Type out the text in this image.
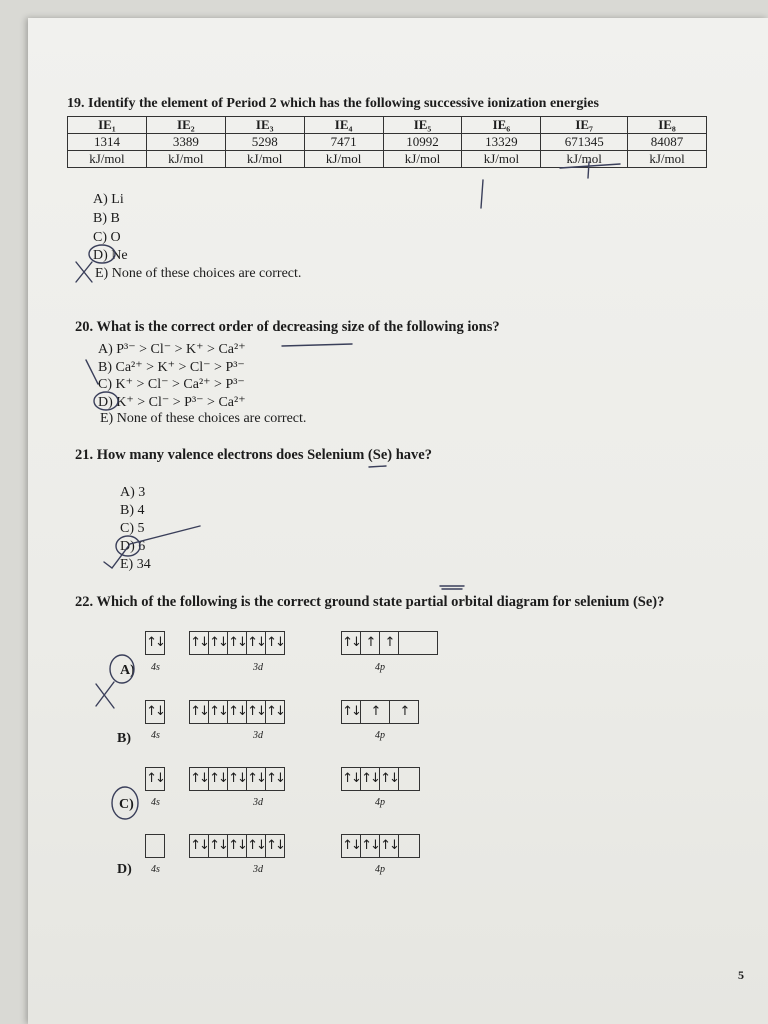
19. Identify the element of Period 2 which has the following successive ionization energies
IE₁	IE₂	IE₃	IE₄	IE₅	IE₆	IE₇	IE₈
1314	3389	5298	7471	10992	13329	671345	84087
kJ/mol	kJ/mol	kJ/mol	kJ/mol	kJ/mol	kJ/mol	kJ/mol	kJ/mol
A) Li
B) B
C) O
D) Ne
E) None of these choices are correct.
20. What is the correct order of decreasing size of the following ions?
A) P³⁻ > Cl⁻ > K⁺ > Ca²⁺
B) Ca²⁺ > K⁺ > Cl⁻ > P³⁻
C) K⁺ > Cl⁻ > Ca²⁺ > P³⁻
D) K⁺ > Cl⁻ > P³⁻ > Ca²⁺
E) None of these choices are correct.
21. How many valence electrons does Selenium (Se) have?
A) 3
B) 4
C) 5
D) 6
E) 34
22. Which of the following is the correct ground state partial orbital diagram for selenium (Se)?
A)
↑↓ ↑↓ ↑↓ ↑↓ ↑↓ ↑↓	↑↓ ↑ ↑
4s	3d	4p
B)
↑↓ ↑↓ ↑↓ ↑↓ ↑↓ ↑↓	↑↓ ↑	↑
4s	3d	4p
C)
↑↓ ↑↓ ↑↓ ↑↓ ↑↓ ↑↓	↑↓ ↑↓ ↑↓
4s	3d	4p
D)
↑↓ ↑↓ ↑↓ ↑↓ ↑↓	↑↓ ↑↓ ↑↓
4s	3d	4p
5
